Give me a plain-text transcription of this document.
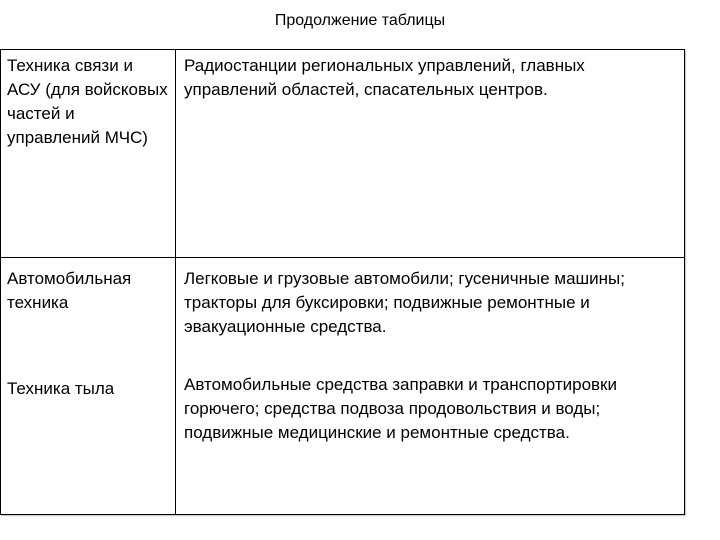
Продолжение таблицы
Техника связи и АСУ (для войсковых частей и управлений МЧС)
Радиостанции региональных управлений, главных управлений областей, спасательных центров.
Автомобильная техника
Легковые и грузовые автомобили; гусеничные машины; тракторы для буксировки; подвижные ремонтные и эвакуационные средства.
Техника тыла	Автомобильные средства заправки и транспортировки горючего; средства подвоза продовольствия и воды; подвижные медицинские и ремонтные средства.
